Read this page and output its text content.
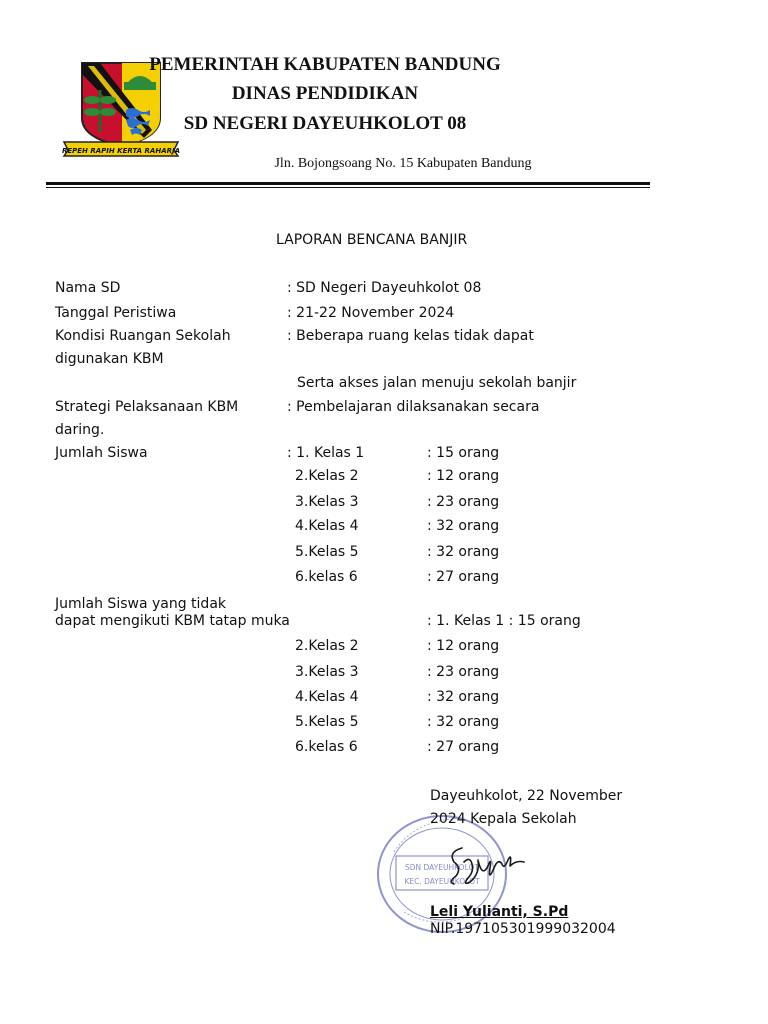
REPEH RAPIH KERTA RAHARJA
PEMERINTAH KABUPATEN BANDUNG
DINAS PENDIDIKAN
SD NEGERI DAYEUHKOLOT 08
Jln. Bojongsoang No. 15 Kabupaten Bandung
LAPORAN BENCANA BANJIR
Nama SD	: SD Negeri Dayeuhkolot 08
Tanggal Peristiwa	: 21-22 November 2024
Kondisi Ruangan Sekolah	: Beberapa ruang kelas tidak dapat
digunakan KBM
Serta akses jalan menuju sekolah banjir
Strategi Pelaksanaan KBM	: Pembelajaran dilaksanakan secara
daring.
Jumlah Siswa	: 1. Kelas 1	: 15 orang
2.Kelas 2	: 12 orang
3.Kelas 3	: 23 orang
4.Kelas 4	: 32 orang
5.Kelas 5	: 32 orang
6.kelas 6	: 27 orang
Jumlah Siswa yang tidak
dapat mengikuti KBM tatap muka	: 1. Kelas 1 : 15 orang
2.Kelas 2	: 12 orang
3.Kelas 3	: 23 orang
4.Kelas 4	: 32 orang
5.Kelas 5	: 32 orang
6.kelas 6	: 27 orang
SDN DAYEUHKOLOT
KEC. DAYEUHKOLOT
Dayeuhkolot, 22 November
2024 Kepala Sekolah
Leli Yulianti, S.Pd
NIP.197105301999032004
